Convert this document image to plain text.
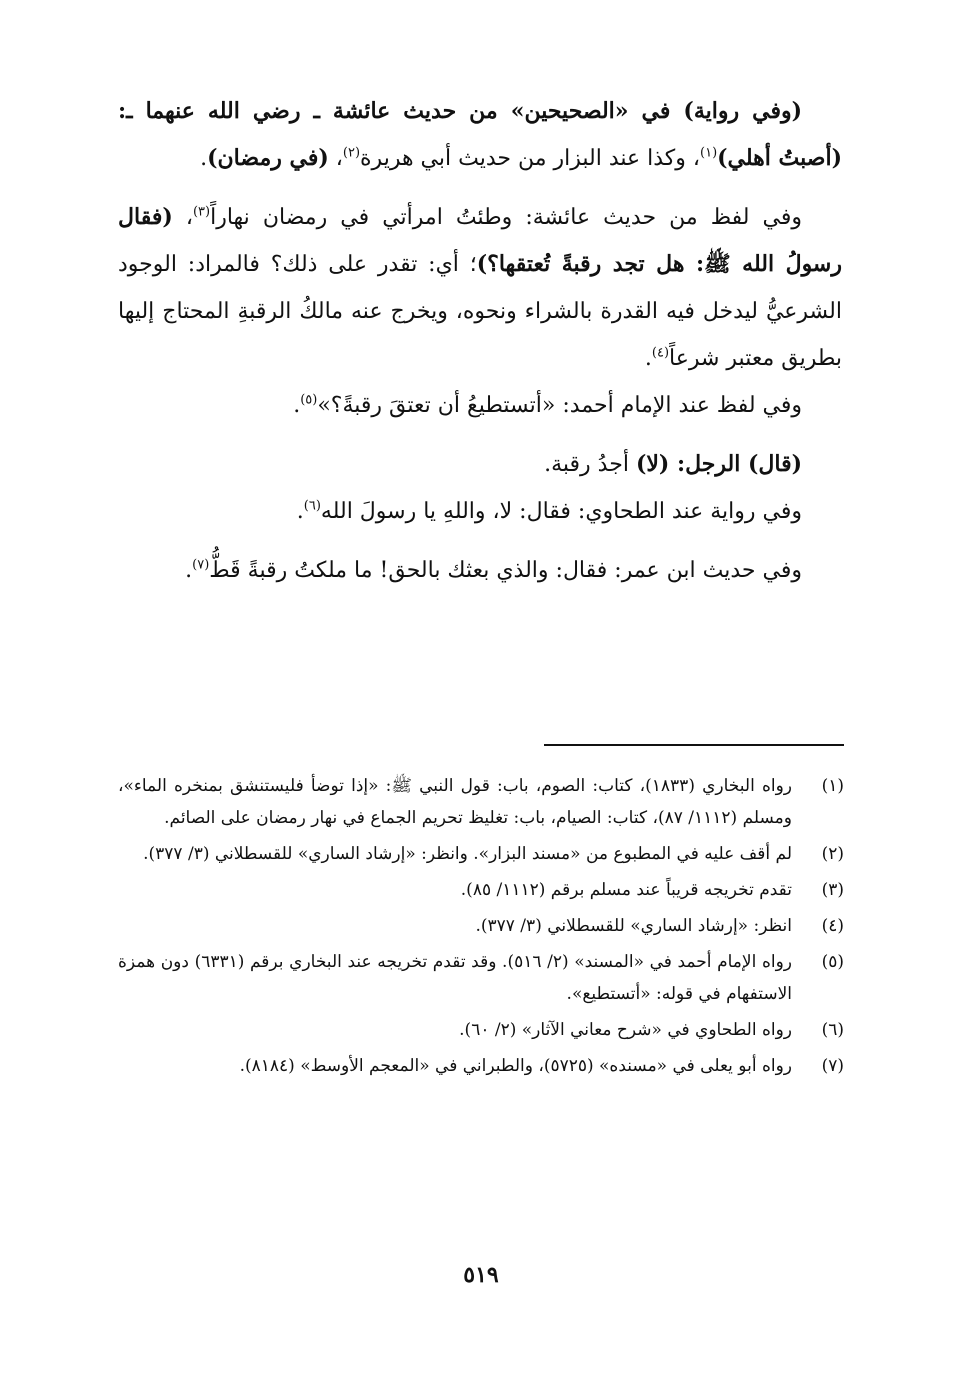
(وفي رواية) في «الصحيحين» من حديث عائشة ـ رضي الله عنهما ـ: (أصبتُ أهلي)$^{(١)}$، وكذا عند البزار من حديث أبي هريرة$^{(٢)}$، (في رمضان).

وفي لفظ من حديث عائشة: وطئتُ امرأتي في رمضان نهاراً$^{(٣)}$، (فقال رسولُ الله ﷺ: هل تجد رقبةً تُعتقها؟)؛ أي: تقدر على ذلك؟ فالمراد: الوجود الشرعيُّ ليدخل فيه القدرة بالشراء ونحوه، ويخرج عنه مالكُ الرقبةِ المحتاج إليها بطريق معتبر شرعاً$^{(٤)}$.

وفي لفظ عند الإمام أحمد: «أتستطيعُ أن تعتقَ رقبةً؟»$^{(٥)}$.

(قال) الرجل: (لا) أجدُ رقبة.

وفي رواية عند الطحاوي: فقال: لا، واللهِ يا رسولَ الله$^{(٦)}$.

وفي حديث ابن عمر: فقال: والذي بعثك بالحق! ما ملكتُ رقبةً قَطُّ$^{(٧)}$.

(١)
رواه البخاري (١٨٣٣)، كتاب: الصوم، باب: قول النبي ﷺ: «إذا توضأ فليستنشق بمنخره الماء»، ومسلم (١١١٢/ ٨٧)، كتاب: الصيام، باب: تغليظ تحريم الجماع في نهار رمضان على الصائم.
(٢)
لم أقف عليه في المطبوع من «مسند البزار». وانظر: «إرشاد الساري» للقسطلاني (٣/ ٣٧٧).
(٣)
تقدم تخريجه قريباً عند مسلم برقم (١١١٢/ ٨٥).
(٤)
انظر: «إرشاد الساري» للقسطلاني (٣/ ٣٧٧).
(٥)
رواه الإمام أحمد في «المسند» (٢/ ٥١٦). وقد تقدم تخريجه عند البخاري برقم (٦٣٣١) دون همزة الاستفهام في قوله: «أتستطيع».
(٦)
رواه الطحاوي في «شرح معاني الآثار» (٢/ ٦٠).
(٧)
رواه أبو يعلى في «مسنده» (٥٧٢٥)، والطبراني في «المعجم الأوسط» (٨١٨٤).
٥١٩
